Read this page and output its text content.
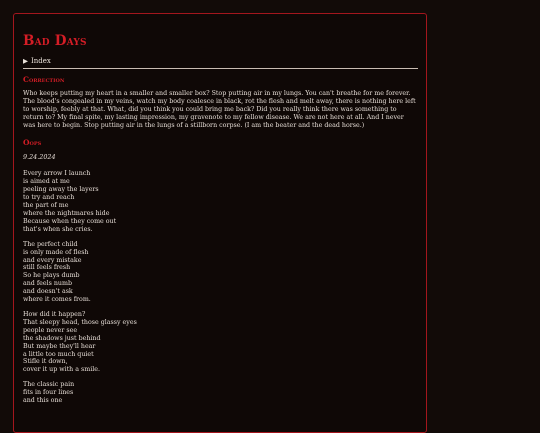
Bad Days
▶ Index
Correction

Who keeps putting my heart in a smaller and smaller box? Stop putting air in my lungs. You can't breathe for me forever. The blood's congealed in my veins, watch my body coalesce in black, rot the flesh and melt away, there is nothing here left to worship, feebly at that. What, did you think you could bring me back? Did you really think there was something to return to? My final spite, my lasting impression, my gravenote to my fellow disease. We are not here at all. And I never was here to begin. Stop putting air in the lungs of a stillborn corpse. (I am the beater and the dead horse.)

Oops
9.24.2024
Every arrow I launch
is aimed at me
peeling away the layers
to try and reach
the part of me
where the nightmares hide
Because when they come out
that's when she cries.
The perfect child
is only made of flesh
and every mistake
still feels fresh
So he plays dumb
and feels numb
and doesn't ask
where it comes from.
How did it happen?
That sleepy head, those glassy eyes
people never see
the shadows just behind
But maybe they'll hear
a little too much quiet
Stifle it down,
cover it up with a smile.
The classic pain
fits in four lines
and this one
